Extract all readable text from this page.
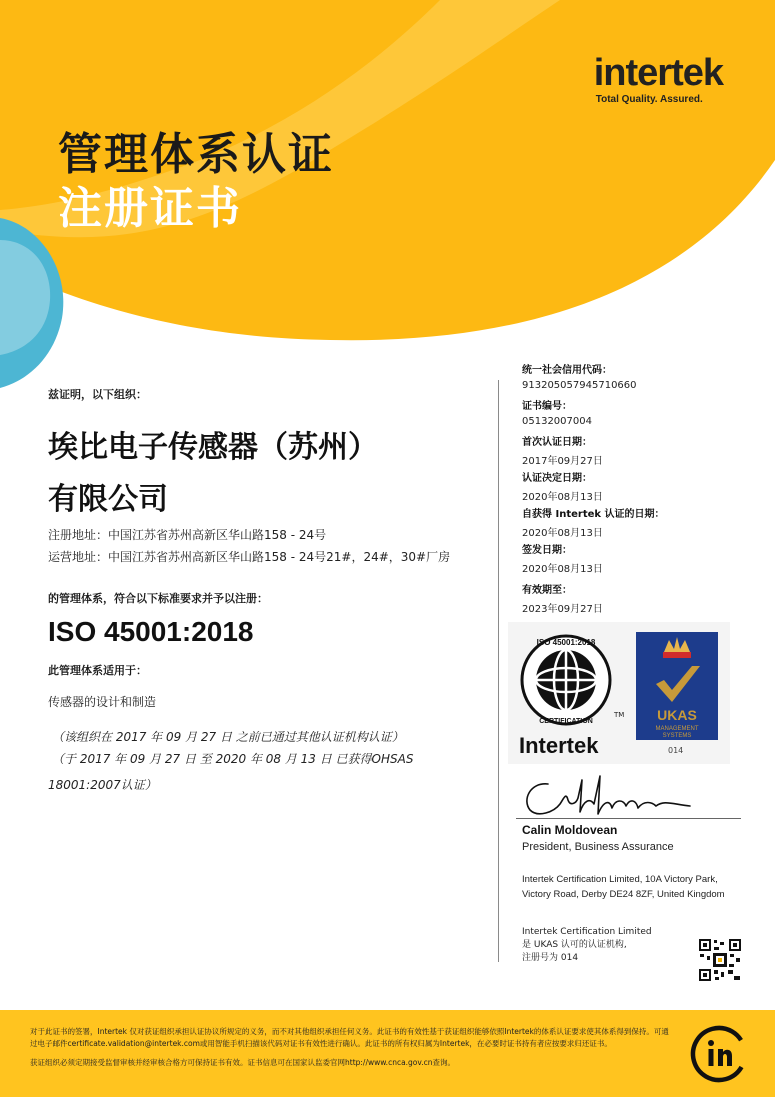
intertek
Total Quality. Assured.
管理体系认证
注册证书
兹证明，以下组织：
埃比电子传感器（苏州）
有限公司
注册地址：中国江苏省苏州高新区华山路158 - 24号
运营地址：中国江苏省苏州高新区华山路158 - 24号21#，24#，30#厂房
的管理体系，符合以下标准要求并予以注册：
ISO 45001:2018
此管理体系适用于：
传感器的设计和制造
（该组织在 2017 年 09 月 27 日 之前已通过其他认证机构认证）
（于 2017 年 09 月 27 日 至 2020 年 08 月 13 日 已获得OHSAS
18001:2007认证）
统一社会信用代码：
913205057945710660
证书编号：
05132007004
首次认证日期：
2017年09月27日
认证决定日期：
2020年08月13日
自获得 Intertek 认证的日期：
2020年08月13日
签发日期：
2020年08月13日
有效期至：
2023年09月27日
ISO 45001:2018
CERTIFICATION
Intertek
TM UKAS
MANAGEMENT
SYSTEMS
014
Calin Moldovean
President, Business Assurance
Intertek Certification Limited, 10A Victory Park, Victory Road, Derby DE24 8ZF, United Kingdom
Intertek Certification Limited
是 UKAS 认可的认证机构,
注册号为 014

对于此证书的签署，Intertek 仅对获证组织承担认证协议所规定的义务，而不对其他组织承担任何义务。此证书的有效性基于获证组织能够依照Intertek的体系认证要求使其体系得到保持。可通过电子邮件certificate.validation@intertek.com或用智能手机扫描该代码对证书有效性进行确认。此证书的所有权归属为Intertek，在必要时证书持有者应按要求归还证书。

获证组织必须定期接受监督审核并经审核合格方可保持证书有效。证书信息可在国家认监委官网http://www.cnca.gov.cn查询。
